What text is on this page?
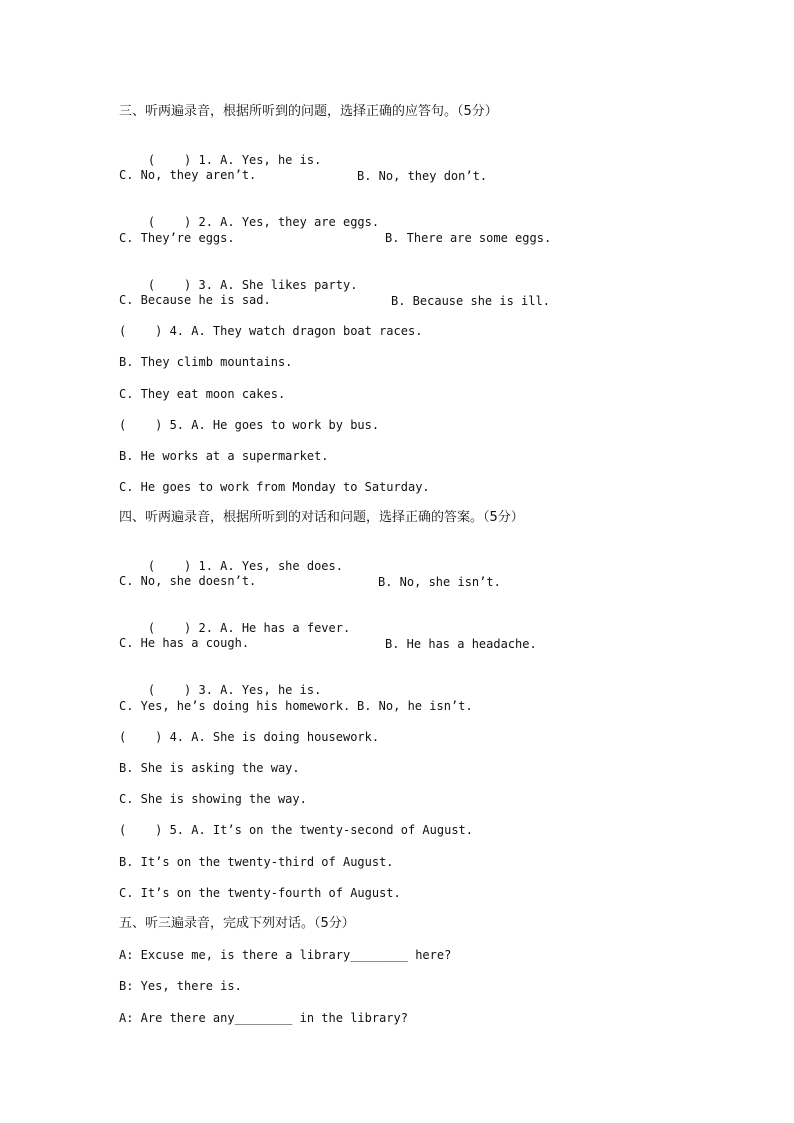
三、听两遍录音，根据所听到的问题，选择正确的应答句。（5分）

(    ) 1. A. Yes, he is.

B. No, they don’t.

C. No, they aren’t.

(    ) 2. A. Yes, they are eggs.

B. There are some eggs.

C. They’re eggs.

(    ) 3. A. She likes party.

B. Because she is ill.

C. Because he is sad.
(    ) 4. A. They watch dragon boat races.
B. They climb mountains.
C. They eat moon cakes.
(    ) 5. A. He goes to work by bus.
B. He works at a supermarket.
C. He goes to work from Monday to Saturday.
四、听两遍录音，根据所听到的对话和问题，选择正确的答案。（5分）

(    ) 1. A. Yes, she does.

B. No, she isn’t.

C. No, she doesn’t.

(    ) 2. A. He has a fever.

B. He has a headache.

C. He has a cough.

(    ) 3. A. Yes, he is.

B. No, he isn’t.

C. Yes, he’s doing his homework.
(    ) 4. A. She is doing housework.
B. She is asking the way.
C. She is showing the way.
(    ) 5. A. It’s on the twenty-second of August.
B. It’s on the twenty-third of August.
C. It’s on the twenty-fourth of August.
五、听三遍录音，完成下列对话。（5分）
A: Excuse me, is there a library________ here?
B: Yes, there is.
A: Are there any________ in the library?
